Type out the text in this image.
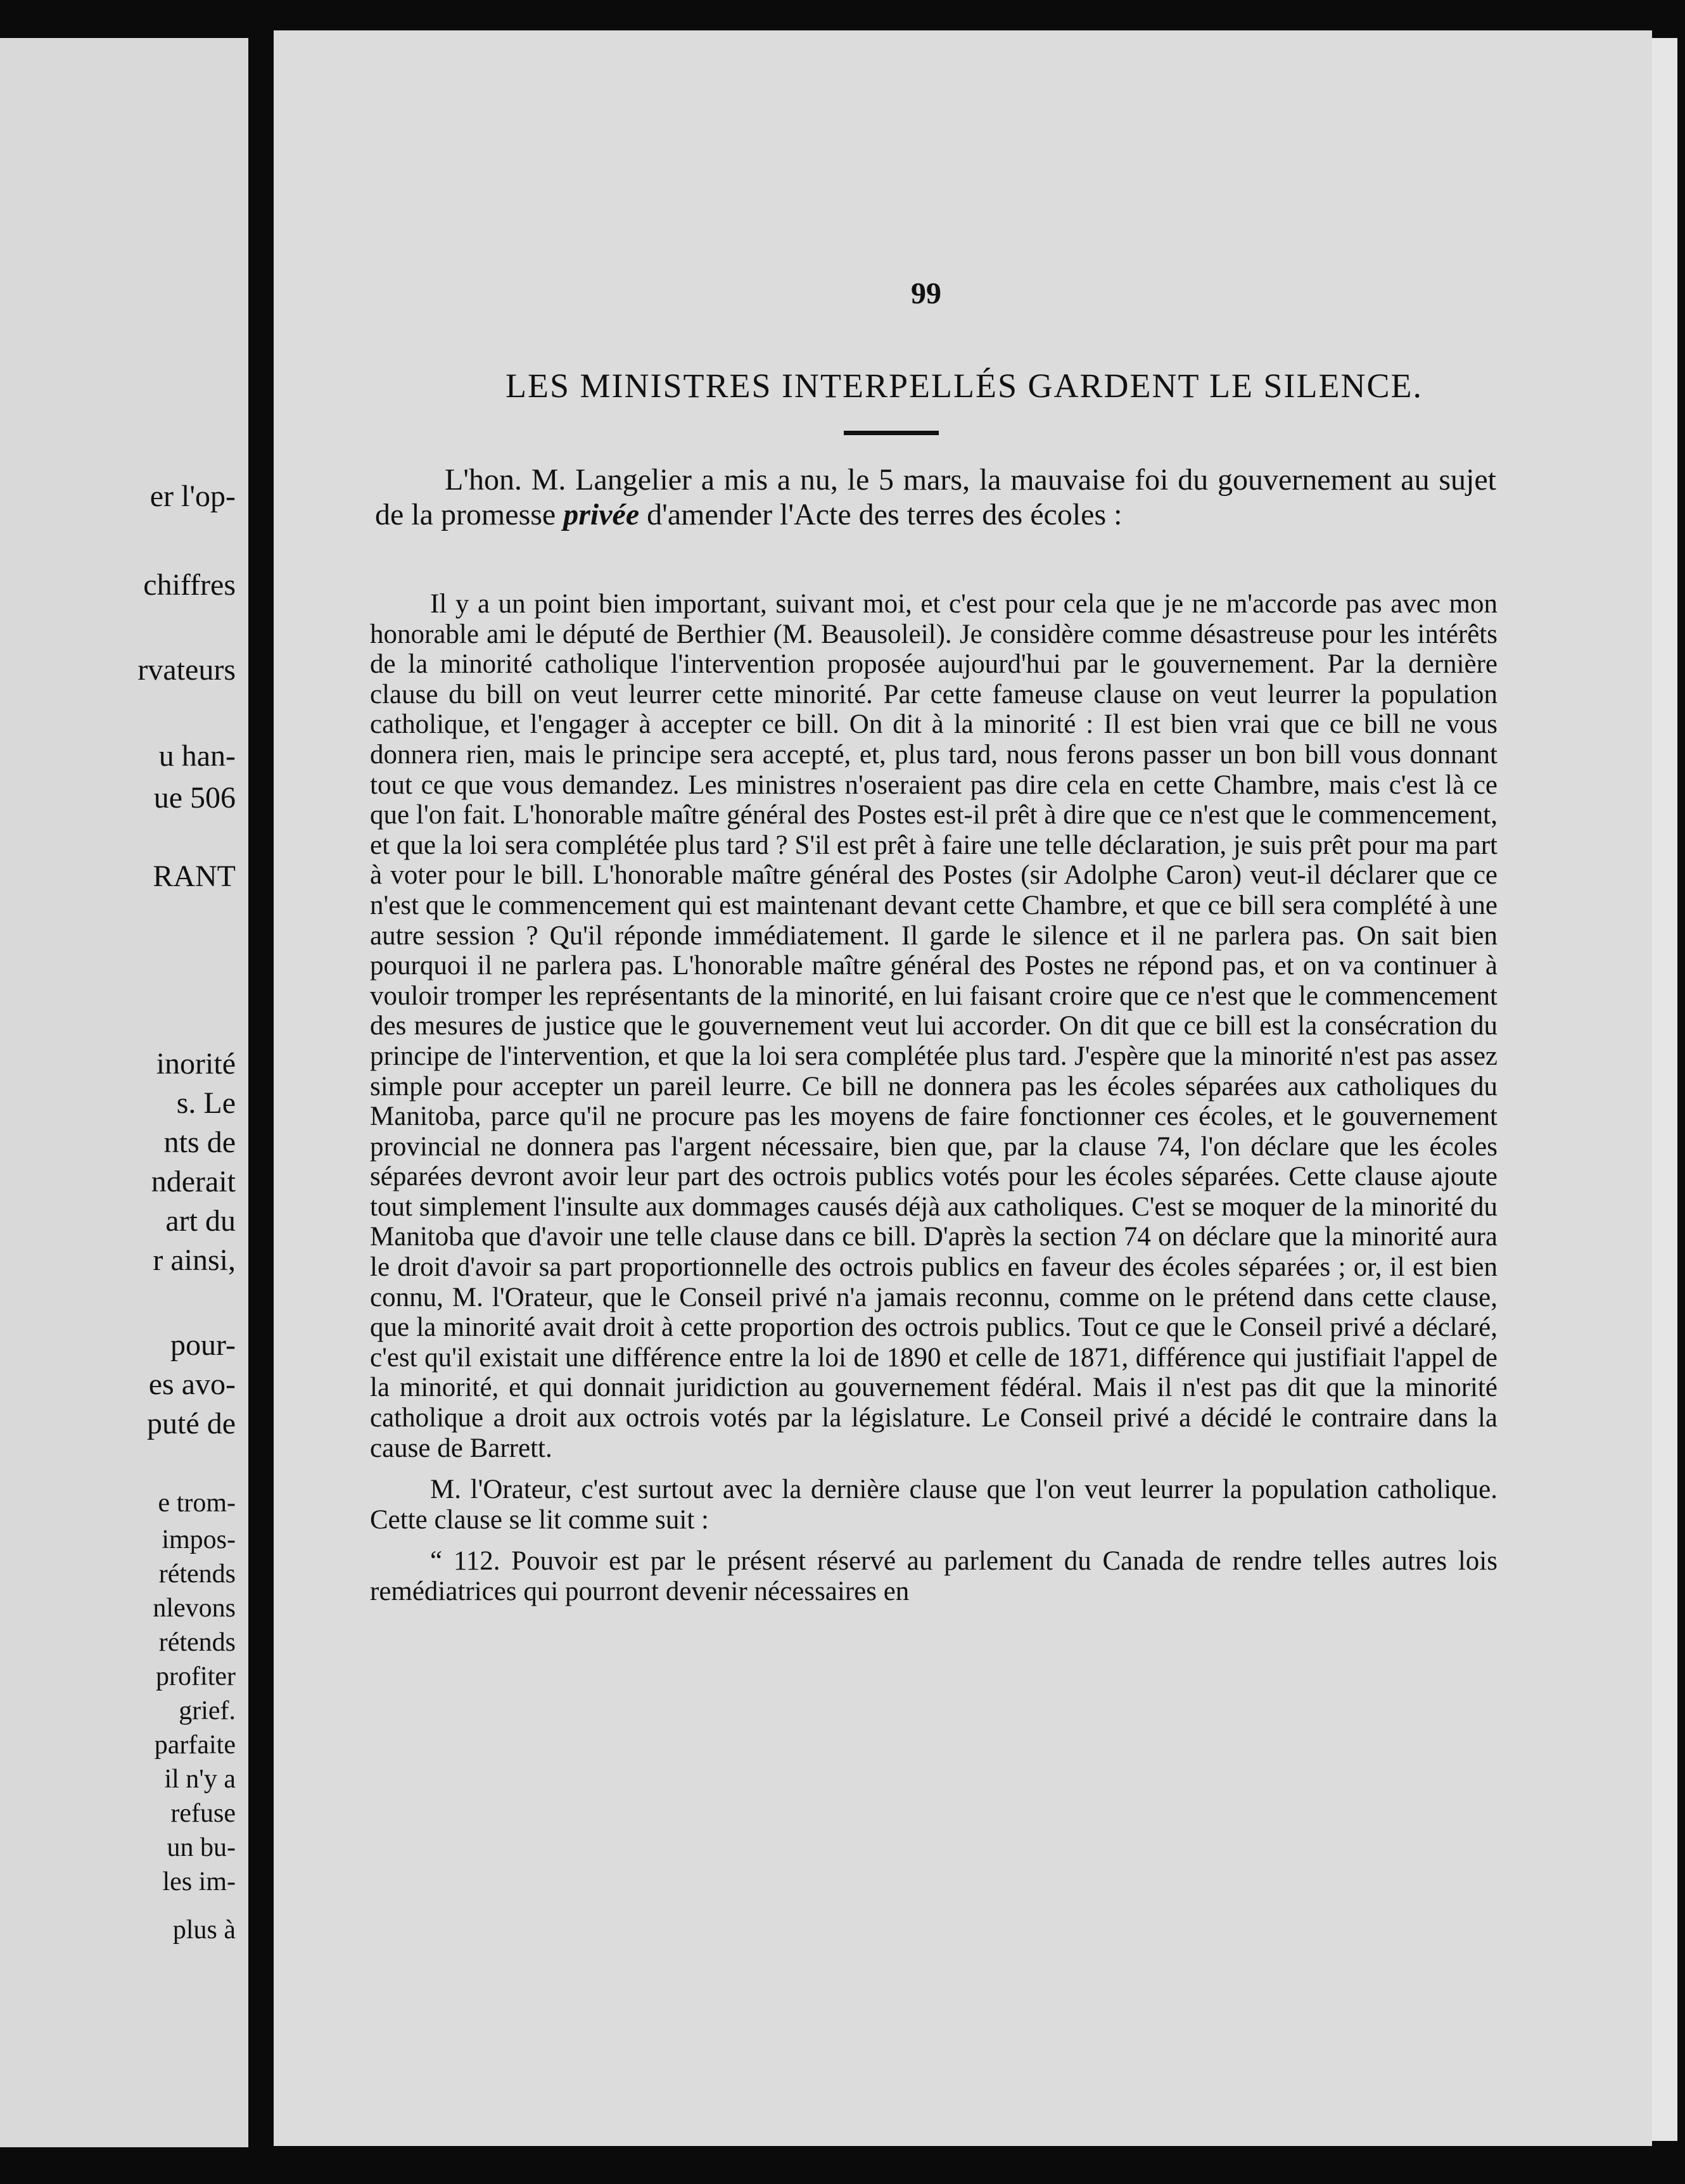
er l'op-
chiffres
rvateurs
u han-
ue 506
RANT
inorité
s. Le
nts de
nderait
art du
r ainsi,
pour-
es avo-
puté de
e trom-
impos-
rétends
nlevons
rétends
profiter
grief.
parfaite
il n'y a
refuse
un bu-
les im-
plus à
99
LES MINISTRES INTERPELLÉS GARDENT LE SILENCE.

L'hon. M. Langelier a mis a nu, le 5 mars, la mauvaise foi du gouvernement au sujet de la promesse privée d'amender l'Acte des terres des écoles :

Il y a un point bien important, suivant moi, et c'est pour cela que je ne m'accorde pas avec mon honorable ami le député de Berthier (M. Beausoleil). Je considère comme désastreuse pour les intérêts de la minorité catholique l'intervention proposée aujourd'hui par le gouvernement. Par la dernière clause du bill on veut leurrer cette minorité. Par cette fameuse clause on veut leurrer la population catholique, et l'engager à accepter ce bill. On dit à la minorité : Il est bien vrai que ce bill ne vous donnera rien, mais le principe sera accepté, et, plus tard, nous ferons passer un bon bill vous donnant tout ce que vous demandez. Les ministres n'oseraient pas dire cela en cette Chambre, mais c'est là ce que l'on fait. L'honorable maître général des Postes est-il prêt à dire que ce n'est que le commencement, et que la loi sera complétée plus tard ? S'il est prêt à faire une telle déclaration, je suis prêt pour ma part à voter pour le bill. L'honorable maître général des Postes (sir Adolphe Caron) veut-il déclarer que ce n'est que le commencement qui est maintenant devant cette Chambre, et que ce bill sera complété à une autre session ? Qu'il réponde immédiatement. Il garde le silence et il ne parlera pas. On sait bien pourquoi il ne parlera pas. L'honorable maître général des Postes ne répond pas, et on va continuer à vouloir tromper les représentants de la minorité, en lui faisant croire que ce n'est que le commencement des mesures de justice que le gouvernement veut lui accorder. On dit que ce bill est la consécration du principe de l'intervention, et que la loi sera complétée plus tard. J'espère que la minorité n'est pas assez simple pour accepter un pareil leurre. Ce bill ne donnera pas les écoles séparées aux catholiques du Manitoba, parce qu'il ne procure pas les moyens de faire fonctionner ces écoles, et le gouvernement provincial ne donnera pas l'argent nécessaire, bien que, par la clause 74, l'on déclare que les écoles séparées devront avoir leur part des octrois publics votés pour les écoles séparées. Cette clause ajoute tout simplement l'insulte aux dommages causés déjà aux catholiques. C'est se moquer de la minorité du Manitoba que d'avoir une telle clause dans ce bill. D'après la section 74 on déclare que la minorité aura le droit d'avoir sa part proportionnelle des octrois publics en faveur des écoles séparées ; or, il est bien connu, M. l'Orateur, que le Conseil privé n'a jamais reconnu, comme on le prétend dans cette clause, que la minorité avait droit à cette proportion des octrois publics. Tout ce que le Conseil privé a déclaré, c'est qu'il existait une différence entre la loi de 1890 et celle de 1871, différence qui justifiait l'appel de la minorité, et qui donnait juridiction au gouvernement fédéral. Mais il n'est pas dit que la minorité catholique a droit aux octrois votés par la législature. Le Conseil privé a décidé le contraire dans la cause de Barrett.

M. l'Orateur, c'est surtout avec la dernière clause que l'on veut leurrer la population catholique. Cette clause se lit comme suit :

“ 112. Pouvoir est par le présent réservé au parlement du Canada de rendre telles autres lois remédiatrices qui pourront devenir nécessaires en
